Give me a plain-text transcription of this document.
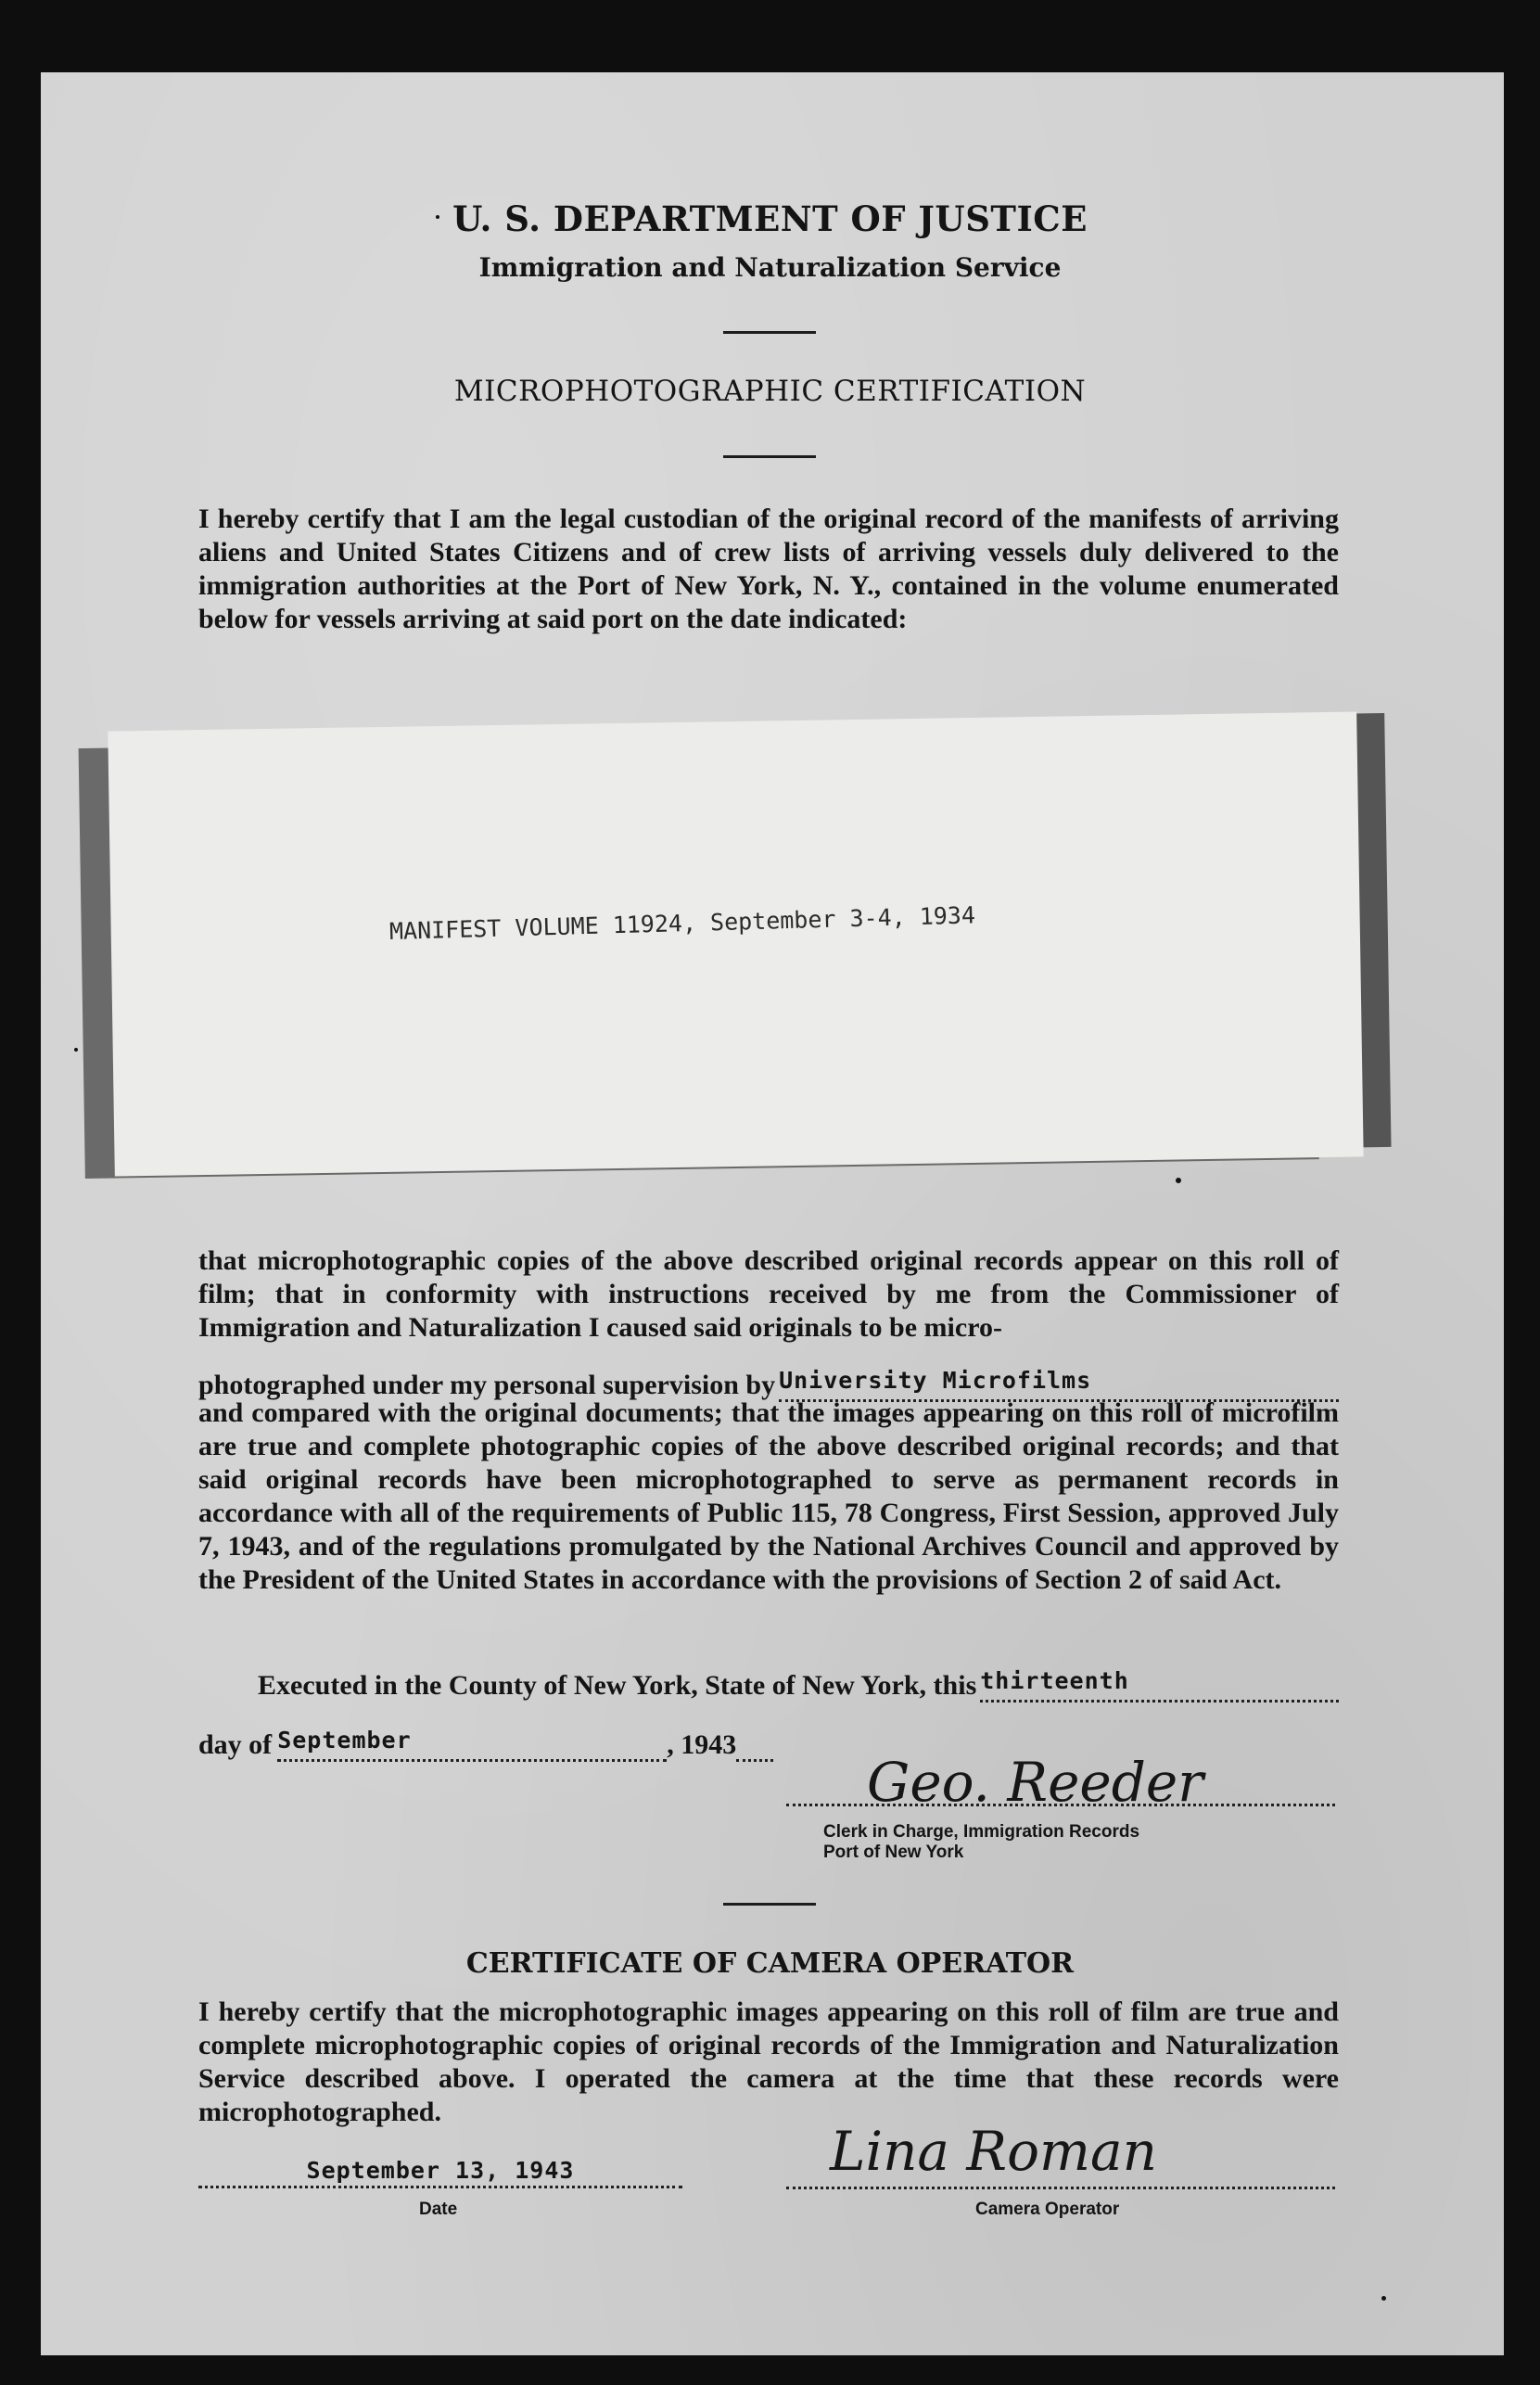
U. S. DEPARTMENT OF JUSTICE
Immigration and Naturalization Service
MICROPHOTOGRAPHIC CERTIFICATION
I hereby certify that I am the legal custodian of the original record of the manifests of arriving aliens and United States Citizens and of crew lists of arriving vessels duly delivered to the immigration authorities at the Port of New York, N. Y., contained in the volume enumerated below for vessels arriving at said port on the date indicated:
MANIFEST VOLUME 11924, September 3-4, 1934
that microphotographic copies of the above described original records appear on this roll of film; that in conformity with instructions received by me from the Commissioner of Immigration and Naturalization I caused said originals to be micro-
photographed under my personal supervision by University Microfilms
and compared with the original documents; that the images appearing on this roll of microfilm are true and complete photographic copies of the above described original records; and that said original records have been microphotographed to serve as permanent records in accordance with all of the requirements of Public 115, 78 Congress, First Session, approved July 7, 1943, and of the regulations promulgated by the National Archives Council and approved by the President of the United States in accordance with the provisions of Section 2 of said Act.
Executed in the County of New York, State of New York, this thirteenth
day of September	, 1943
Geo. Reeder
Clerk in Charge, Immigration Records
Port of New York
CERTIFICATE OF CAMERA OPERATOR
I hereby certify that the microphotographic images appearing on this roll of film are true and complete microphotographic copies of original records of the Immigration and Naturalization Service described above. I operated the camera at the time that these records were microphotographed.
September 13, 1943
Date
Lina Roman
Camera Operator
